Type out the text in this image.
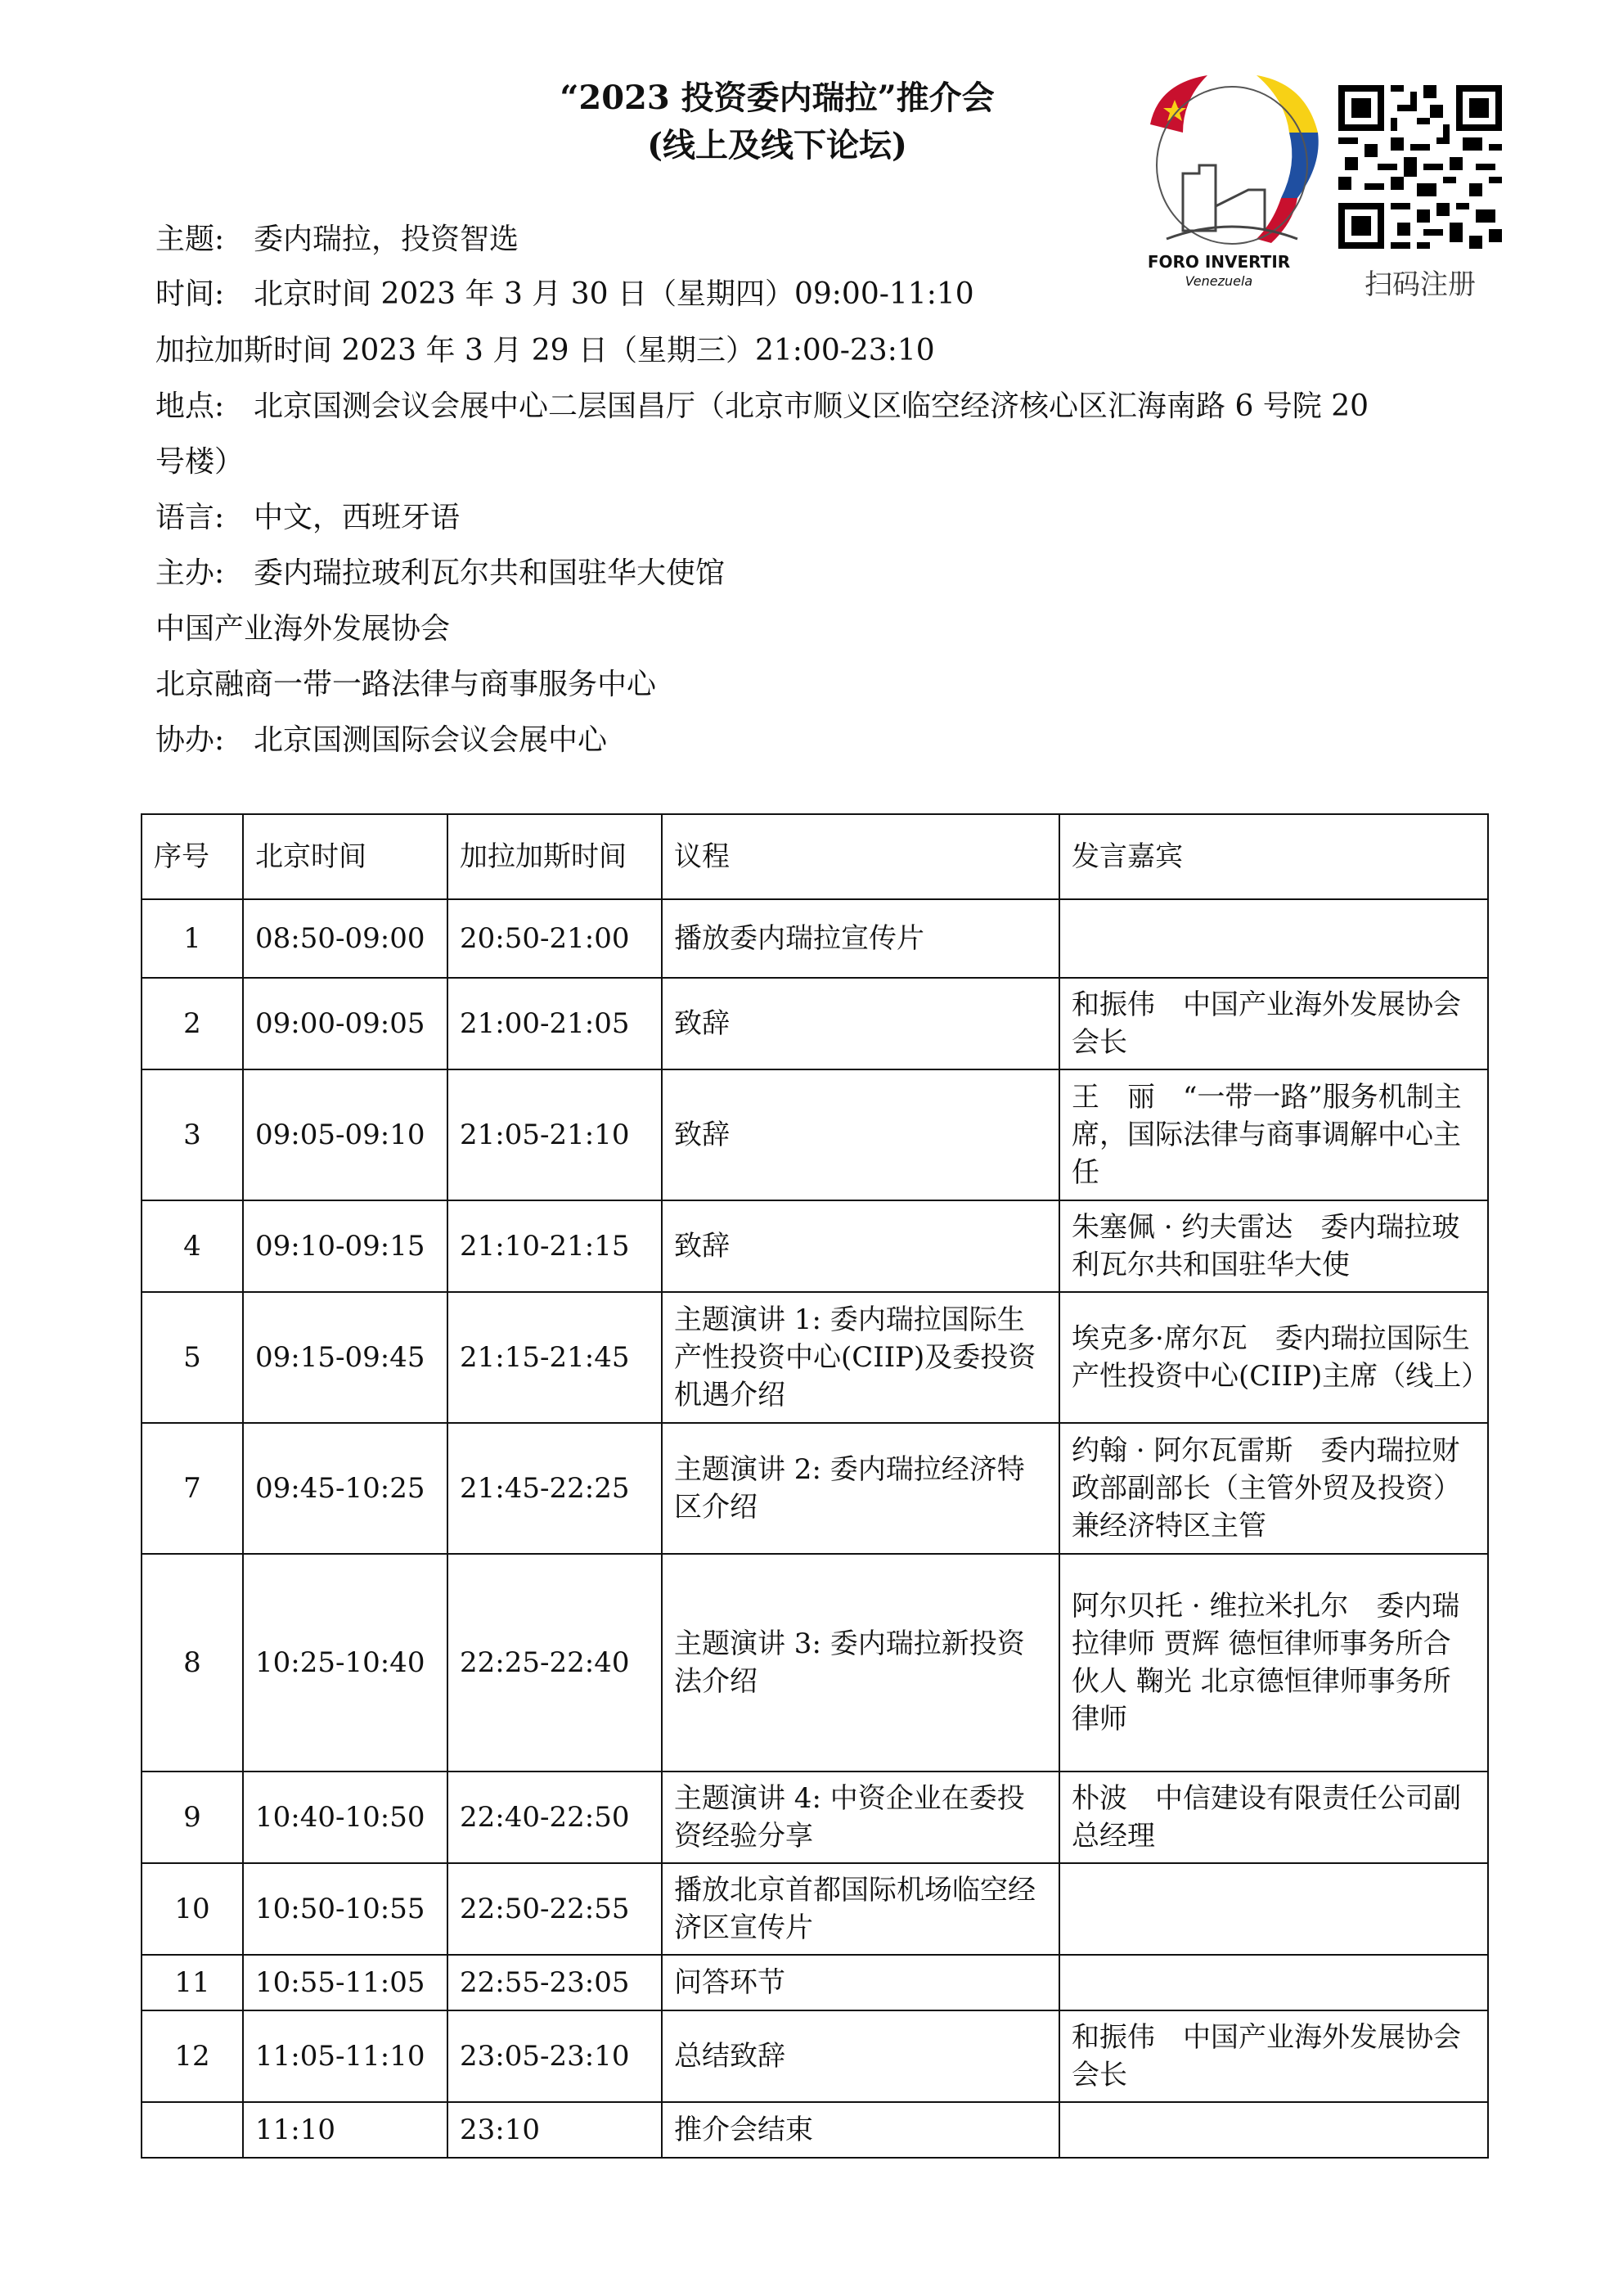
“2023 投资委内瑞拉”推介会
(线上及线下论坛)
FORO INVERTIR
Venezuela	扫码注册
主题: 委内瑞拉，投资智选
时间: 北京时间 2023 年 3 月 30 日（星期四）09:00-11:10
加拉加斯时间 2023 年 3 月 29 日（星期三）21:00-23:10
地点: 北京国测会议会展中心二层国昌厅（北京市顺义区临空经济核心区汇海南路 6 号院 20
号楼）
语言: 中文，西班牙语
主办: 委内瑞拉玻利瓦尔共和国驻华大使馆
中国产业海外发展协会
北京融商一带一路法律与商事服务中心
协办: 北京国测国际会议会展中心
序号	北京时间	加拉加斯时间	议程	发言嘉宾
1	08:50-09:00	20:50-21:00	播放委内瑞拉宣传片	
2	09:00-09:05	21:00-21:05	致辞	和振伟　中国产业海外发展协会会长
3	09:05-09:10	21:05-21:10	致辞	王　丽　“一带一路”服务机制主席，国际法律与商事调解中心主任
4	09:10-09:15	21:10-21:15	致辞	朱塞佩 · 约夫雷达　委内瑞拉玻利瓦尔共和国驻华大使
5	09:15-09:45	21:15-21:45	主题演讲 1: 委内瑞拉国际生产性投资中心(CIIP)及委投资机遇介绍	埃克多·席尔瓦　委内瑞拉国际生产性投资中心(CIIP)主席（线上）
7	09:45-10:25	21:45-22:25	主题演讲 2: 委内瑞拉经济特区介绍	约翰 · 阿尔瓦雷斯　委内瑞拉财政部副部长（主管外贸及投资）兼经济特区主管
8	10:25-10:40	22:25-22:40	主题演讲 3: 委内瑞拉新投资法介绍	阿尔贝托 · 维拉米扎尔　委内瑞拉律师 贾辉 德恒律师事务所合伙人 鞠光 北京德恒律师事务所律师
9	10:40-10:50	22:40-22:50	主题演讲 4: 中资企业在委投资经验分享	朴波　中信建设有限责任公司副总经理
10	10:50-10:55	22:50-22:55	播放北京首都国际机场临空经济区宣传片	
11	10:55-11:05	22:55-23:05	问答环节	
12	11:05-11:10	23:05-23:10	总结致辞	和振伟　中国产业海外发展协会会长
	11:10	23:10	推介会结束	
